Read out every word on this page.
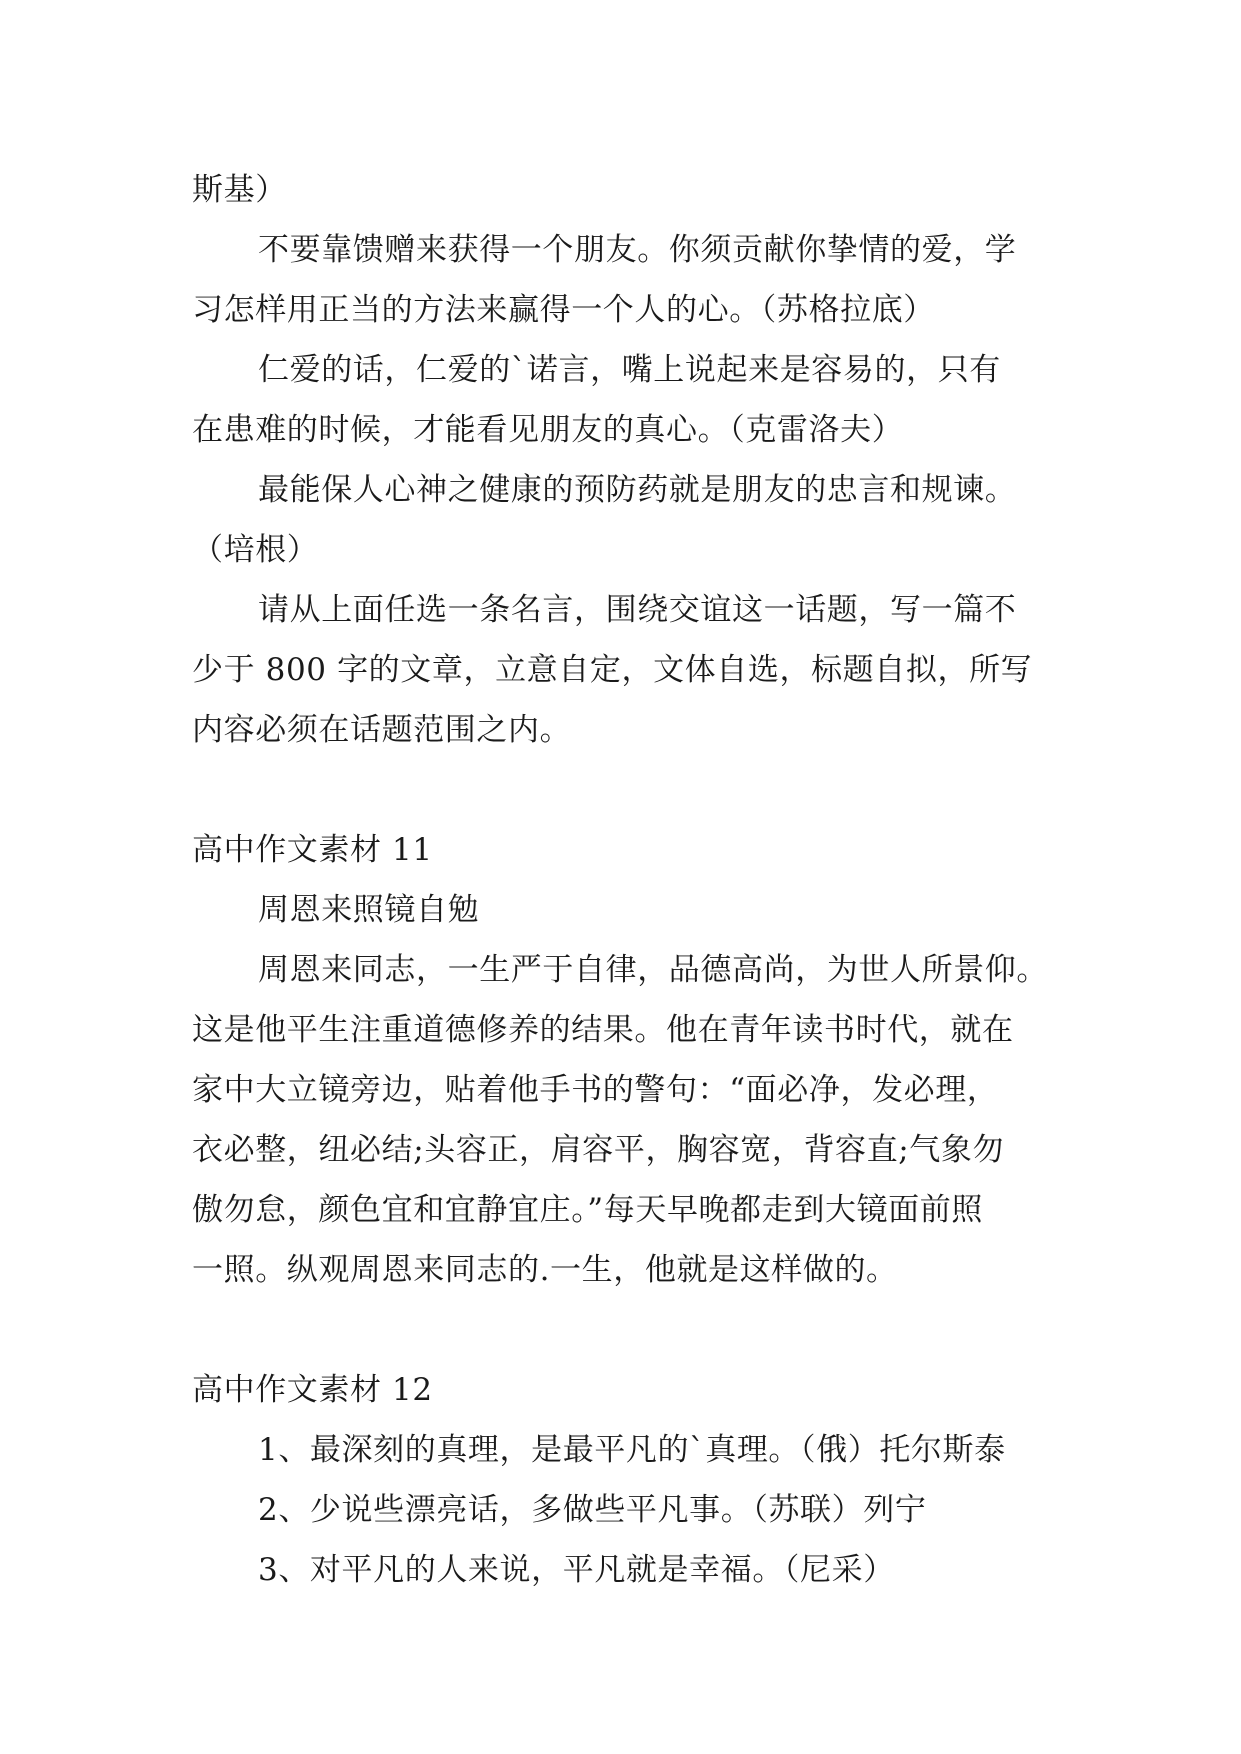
斯基）
不要靠馈赠来获得一个朋友。你须贡献你挚情的爱，学
习怎样用正当的方法来赢得一个人的心。（苏格拉底）
仁爱的话，仁爱的`诺言，嘴上说起来是容易的，只有
在患难的时候，才能看见朋友的真心。（克雷洛夫）
最能保人心神之健康的预防药就是朋友的忠言和规谏。
（培根）
请从上面任选一条名言，围绕交谊这一话题，写一篇不
少于 800 字的文章，立意自定，文体自选，标题自拟，所写
内容必须在话题范围之内。
高中作文素材 11
周恩来照镜自勉
周恩来同志，一生严于自律，品德高尚，为世人所景仰。
这是他平生注重道德修养的结果。他在青年读书时代，就在
家中大立镜旁边，贴着他手书的警句：“面必净，发必理，
衣必整，纽必结;头容正，肩容平，胸容宽，背容直;气象勿
傲勿怠，颜色宜和宜静宜庄。”每天早晚都走到大镜面前照
一照。纵观周恩来同志的.一生，他就是这样做的。
高中作文素材 12
1、最深刻的真理，是最平凡的`真理。（俄）托尔斯泰
2、少说些漂亮话，多做些平凡事。（苏联）列宁
3、对平凡的人来说，平凡就是幸福。（尼采）
